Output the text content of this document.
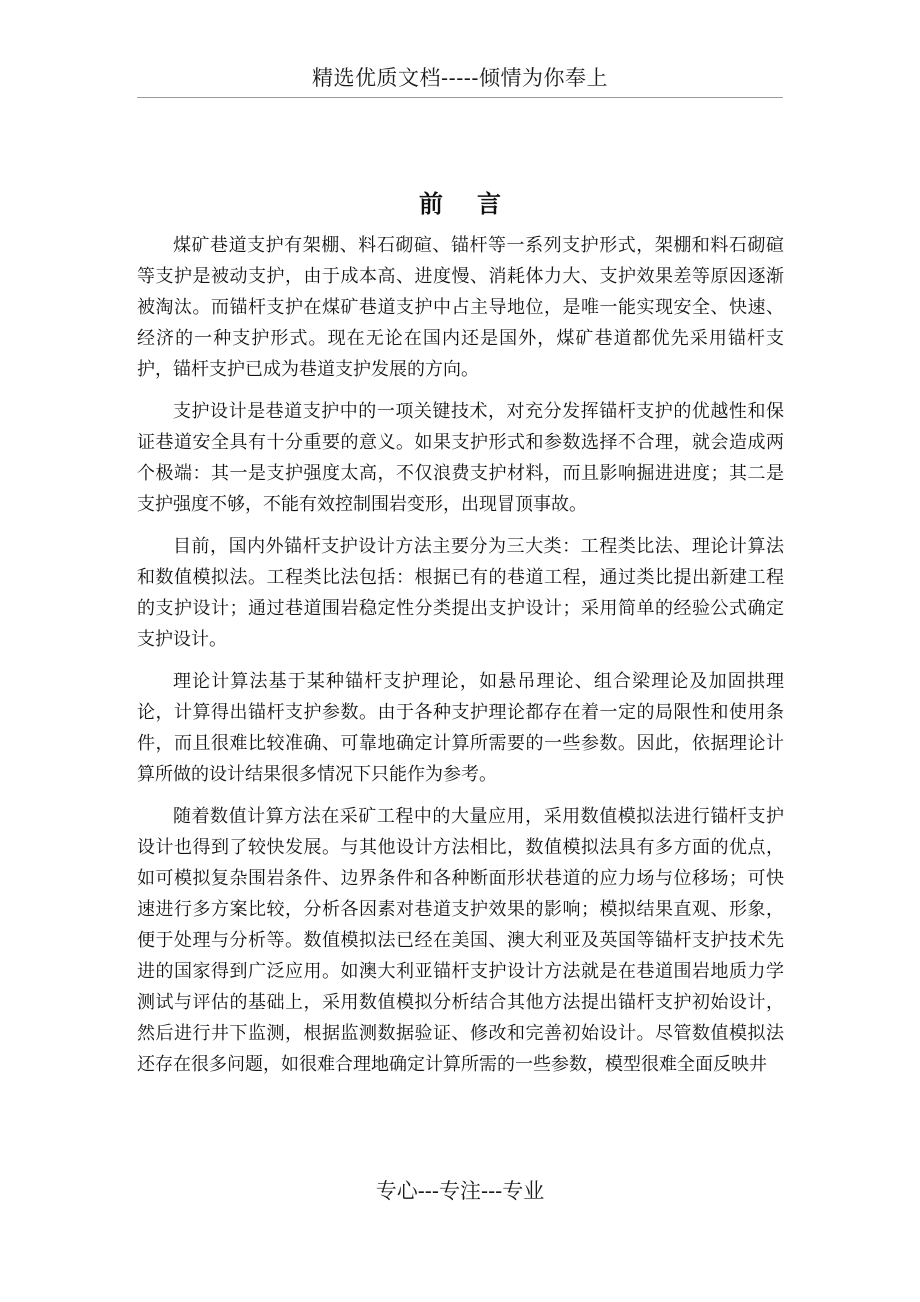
精选优质文档-----倾情为你奉上
前言

煤矿巷道支护有架棚、料石砌碹、锚杆等一系列支护形式，架棚和料石砌碹等支护是被动支护，由于成本高、进度慢、消耗体力大、支护效果差等原因逐渐被淘汰。而锚杆支护在煤矿巷道支护中占主导地位，是唯一能实现安全、快速、经济的一种支护形式。现在无论在国内还是国外，煤矿巷道都优先采用锚杆支护，锚杆支护已成为巷道支护发展的方向。

支护设计是巷道支护中的一项关键技术，对充分发挥锚杆支护的优越性和保证巷道安全具有十分重要的意义。如果支护形式和参数选择不合理，就会造成两个极端：其一是支护强度太高，不仅浪费支护材料，而且影响掘进进度；其二是支护强度不够，不能有效控制围岩变形，出现冒顶事故。

目前，国内外锚杆支护设计方法主要分为三大类：工程类比法、理论计算法和数值模拟法。工程类比法包括：根据已有的巷道工程，通过类比提出新建工程的支护设计；通过巷道围岩稳定性分类提出支护设计；采用简单的经验公式确定支护设计。

理论计算法基于某种锚杆支护理论，如悬吊理论、组合梁理论及加固拱理论，计算得出锚杆支护参数。由于各种支护理论都存在着一定的局限性和使用条件，而且很难比较准确、可靠地确定计算所需要的一些参数。因此，依据理论计算所做的设计结果很多情况下只能作为参考。

随着数值计算方法在采矿工程中的大量应用，采用数值模拟法进行锚杆支护设计也得到了较快发展。与其他设计方法相比，数值模拟法具有多方面的优点，如可模拟复杂围岩条件、边界条件和各种断面形状巷道的应力场与位移场；可快速进行多方案比较，分析各因素对巷道支护效果的影响；模拟结果直观、形象，便于处理与分析等。数值模拟法已经在美国、澳大利亚及英国等锚杆支护技术先进的国家得到广泛应用。如澳大利亚锚杆支护设计方法就是在巷道围岩地质力学测试与评估的基础上，采用数值模拟分析结合其他方法提出锚杆支护初始设计，然后进行井下监测，根据监测数据验证、修改和完善初始设计。尽管数值模拟法还存在很多问题，如很难合理地确定计算所需的一些参数，模型很难全面反映井

专心---专注---专业
